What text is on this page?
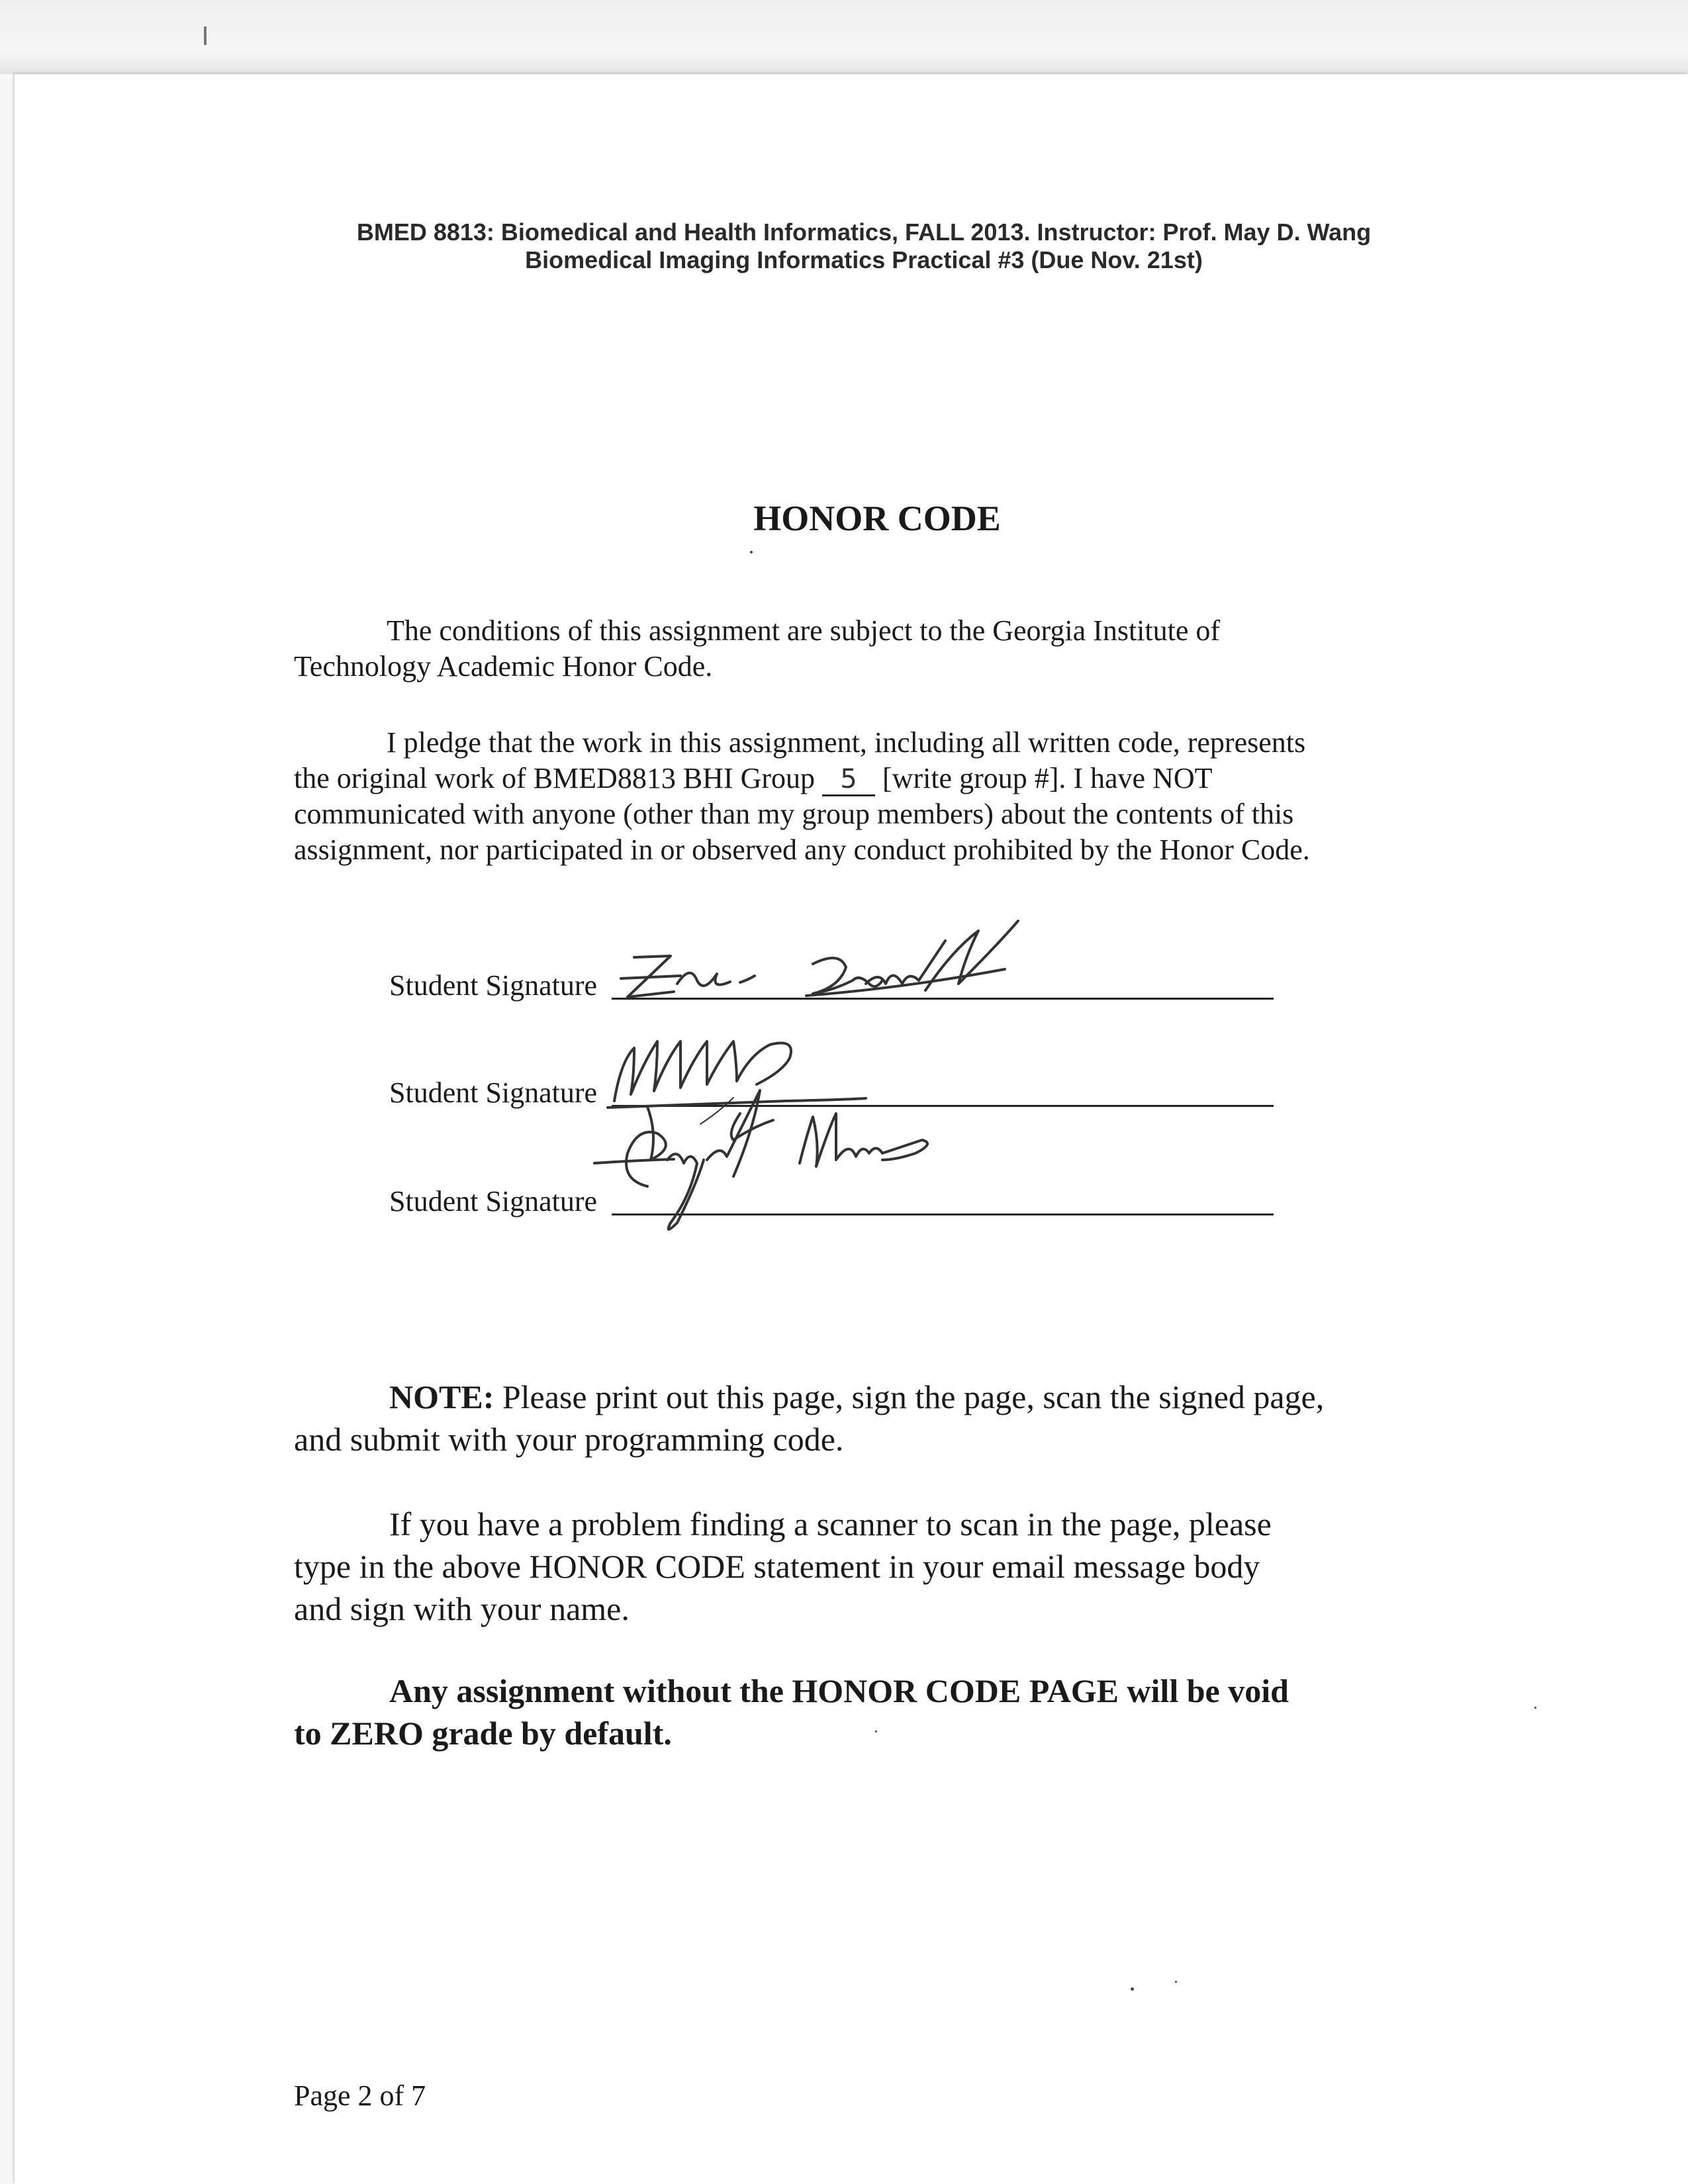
BMED 8813: Biomedical and Health Informatics, FALL 2013. Instructor: Prof. May D. Wang
Biomedical Imaging Informatics Practical #3 (Due Nov. 21st)
HONOR CODE
The conditions of this assignment are subject to the Georgia Institute of
Technology Academic Honor Code.
I pledge that the work in this assignment, including all written code, represents
the original work of BMED8813 BHI Group 5 [write group #]. I have NOT
communicated with anyone (other than my group members) about the contents of this
assignment, nor participated in or observed any conduct prohibited by the Honor Code.
Student Signature
Student Signature
Student Signature
NOTE: Please print out this page, sign the page, scan the signed page,
and submit with your programming code.
If you have a problem finding a scanner to scan in the page, please
type in the above HONOR CODE statement in your email message body
and sign with your name.
Any assignment without the HONOR CODE PAGE will be void
to ZERO grade by default.
Page 2 of 7
